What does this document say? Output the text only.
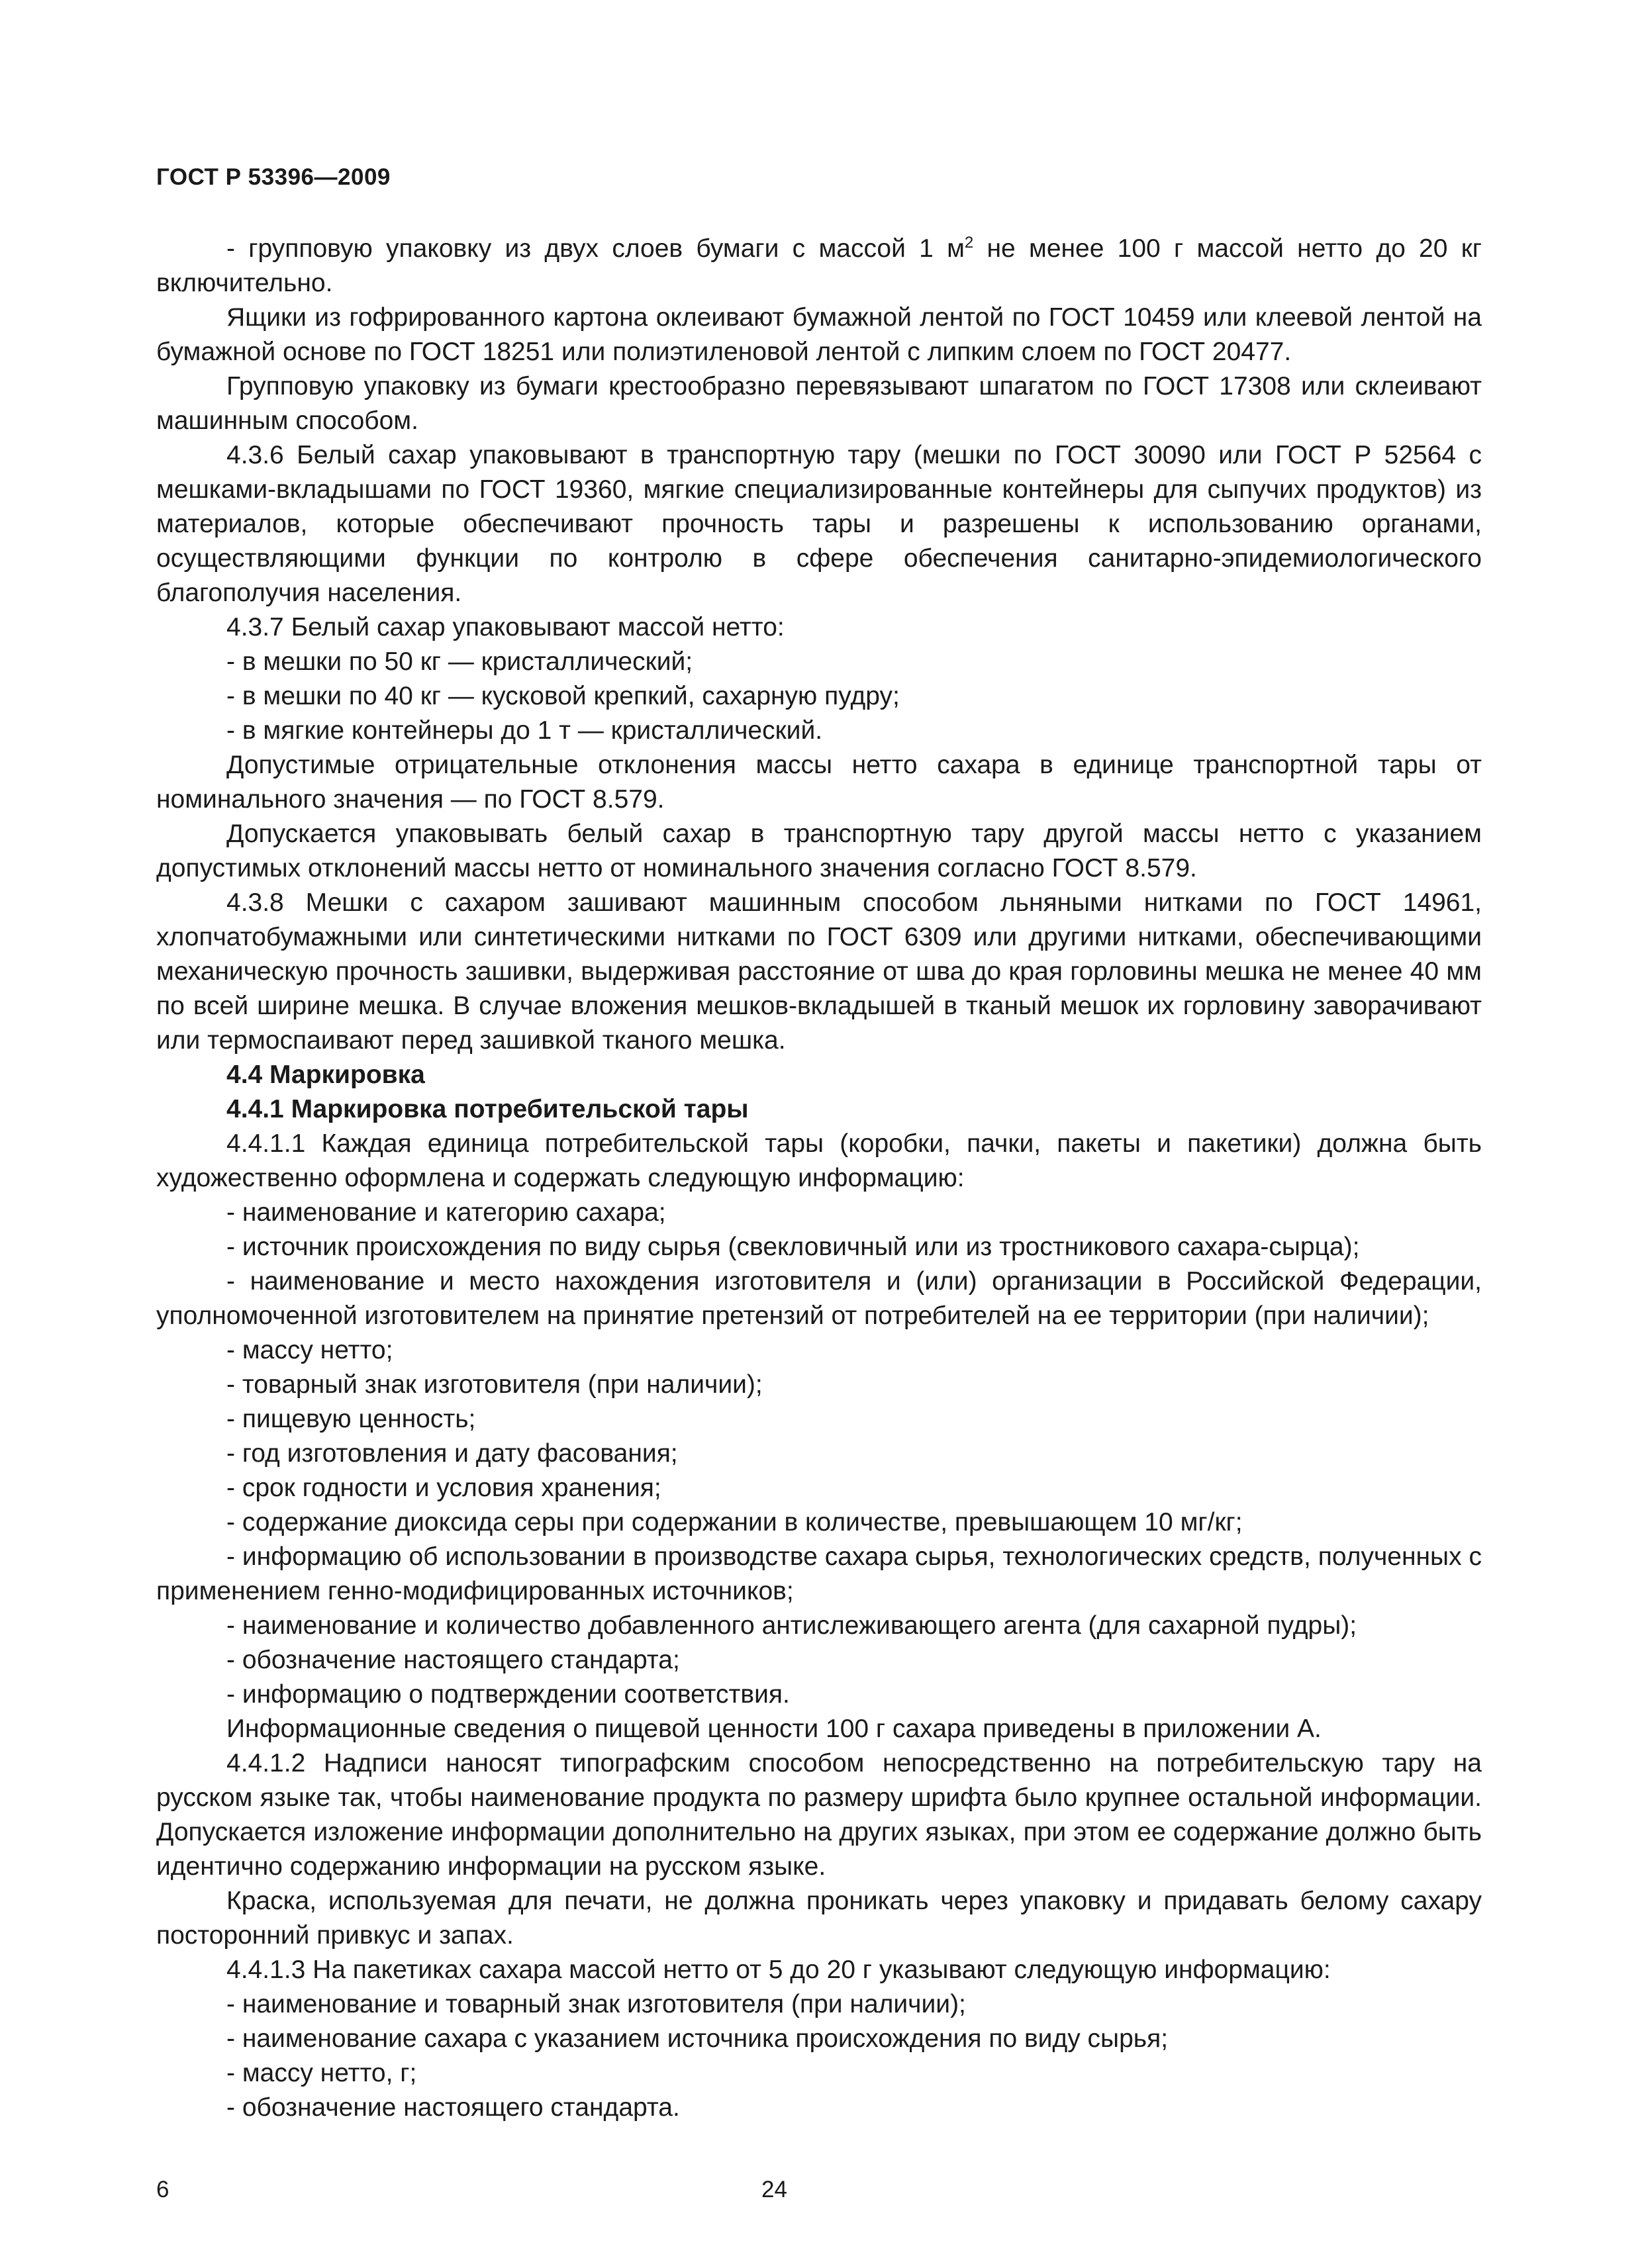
ГОСТ Р 53396—2009

- групповую упаковку из двух слоев бумаги с массой 1 $м^2$ не менее 100 г массой нетто до 20 кг включительно.

Ящики из гофрированного картона оклеивают бумажной лентой по ГОСТ 10459 или клеевой лентой на бумажной основе по ГОСТ 18251 или полиэтиленовой лентой с липким слоем по ГОСТ 20477.

Групповую упаковку из бумаги крестообразно перевязывают шпагатом по ГОСТ 17308 или склеивают машинным способом.

4.3.6 Белый сахар упаковывают в транспортную тару (мешки по ГОСТ 30090 или ГОСТ Р 52564 с мешками-вкладышами по ГОСТ 19360, мягкие специализированные контейнеры для сыпучих продуктов) из материалов, которые обеспечивают прочность тары и разрешены к использованию органами, осуществляющими функции по контролю в сфере обеспечения санитарно-эпидемиологического благополучия населения.

4.3.7 Белый сахар упаковывают массой нетто:

- в мешки по 50 кг — кристаллический;

- в мешки по 40 кг — кусковой крепкий, сахарную пудру;

- в мягкие контейнеры до 1 т — кристаллический.

Допустимые отрицательные отклонения массы нетто сахара в единице транспортной тары от номинального значения — по ГОСТ 8.579.

Допускается упаковывать белый сахар в транспортную тару другой массы нетто с указанием допустимых отклонений массы нетто от номинального значения согласно ГОСТ 8.579.

4.3.8 Мешки с сахаром зашивают машинным способом льняными нитками по ГОСТ 14961, хлопчатобумажными или синтетическими нитками по ГОСТ 6309 или другими нитками, обеспечивающими механическую прочность зашивки, выдерживая расстояние от шва до края горловины мешка не менее 40 мм по всей ширине мешка. В случае вложения мешков-вкладышей в тканый мешок их горловину заворачивают или термоспаивают перед зашивкой тканого мешка.

4.4 Маркировка

4.4.1 Маркировка потребительской тары

4.4.1.1 Каждая единица потребительской тары (коробки, пачки, пакеты и пакетики) должна быть художественно оформлена и содержать следующую информацию:

- наименование и категорию сахара;

- источник происхождения по виду сырья (свекловичный или из тростникового сахара-сырца);

- наименование и место нахождения изготовителя и (или) организации в Российской Федерации, уполномоченной изготовителем на принятие претензий от потребителей на ее территории (при наличии);

- массу нетто;

- товарный знак изготовителя (при наличии);

- пищевую ценность;

- год изготовления и дату фасования;

- срок годности и условия хранения;

- содержание диоксида серы при содержании в количестве, превышающем 10 мг/кг;

- информацию об использовании в производстве сахара сырья, технологических средств, полученных с применением генно-модифицированных источников;

- наименование и количество добавленного антислеживающего агента (для сахарной пудры);

- обозначение настоящего стандарта;

- информацию о подтверждении соответствия.

Информационные сведения о пищевой ценности 100 г сахара приведены в приложении А.

4.4.1.2 Надписи наносят типографским способом непосредственно на потребительскую тару на русском языке так, чтобы наименование продукта по размеру шрифта было крупнее остальной информации. Допускается изложение информации дополнительно на других языках, при этом ее содержание должно быть идентично содержанию информации на русском языке.

Краска, используемая для печати, не должна проникать через упаковку и придавать белому сахару посторонний привкус и запах.

4.4.1.3 На пакетиках сахара массой нетто от 5 до 20 г указывают следующую информацию:

- наименование и товарный знак изготовителя (при наличии);

- наименование сахара с указанием источника происхождения по виду сырья;

- массу нетто, г;

- обозначение настоящего стандарта.

6	24
